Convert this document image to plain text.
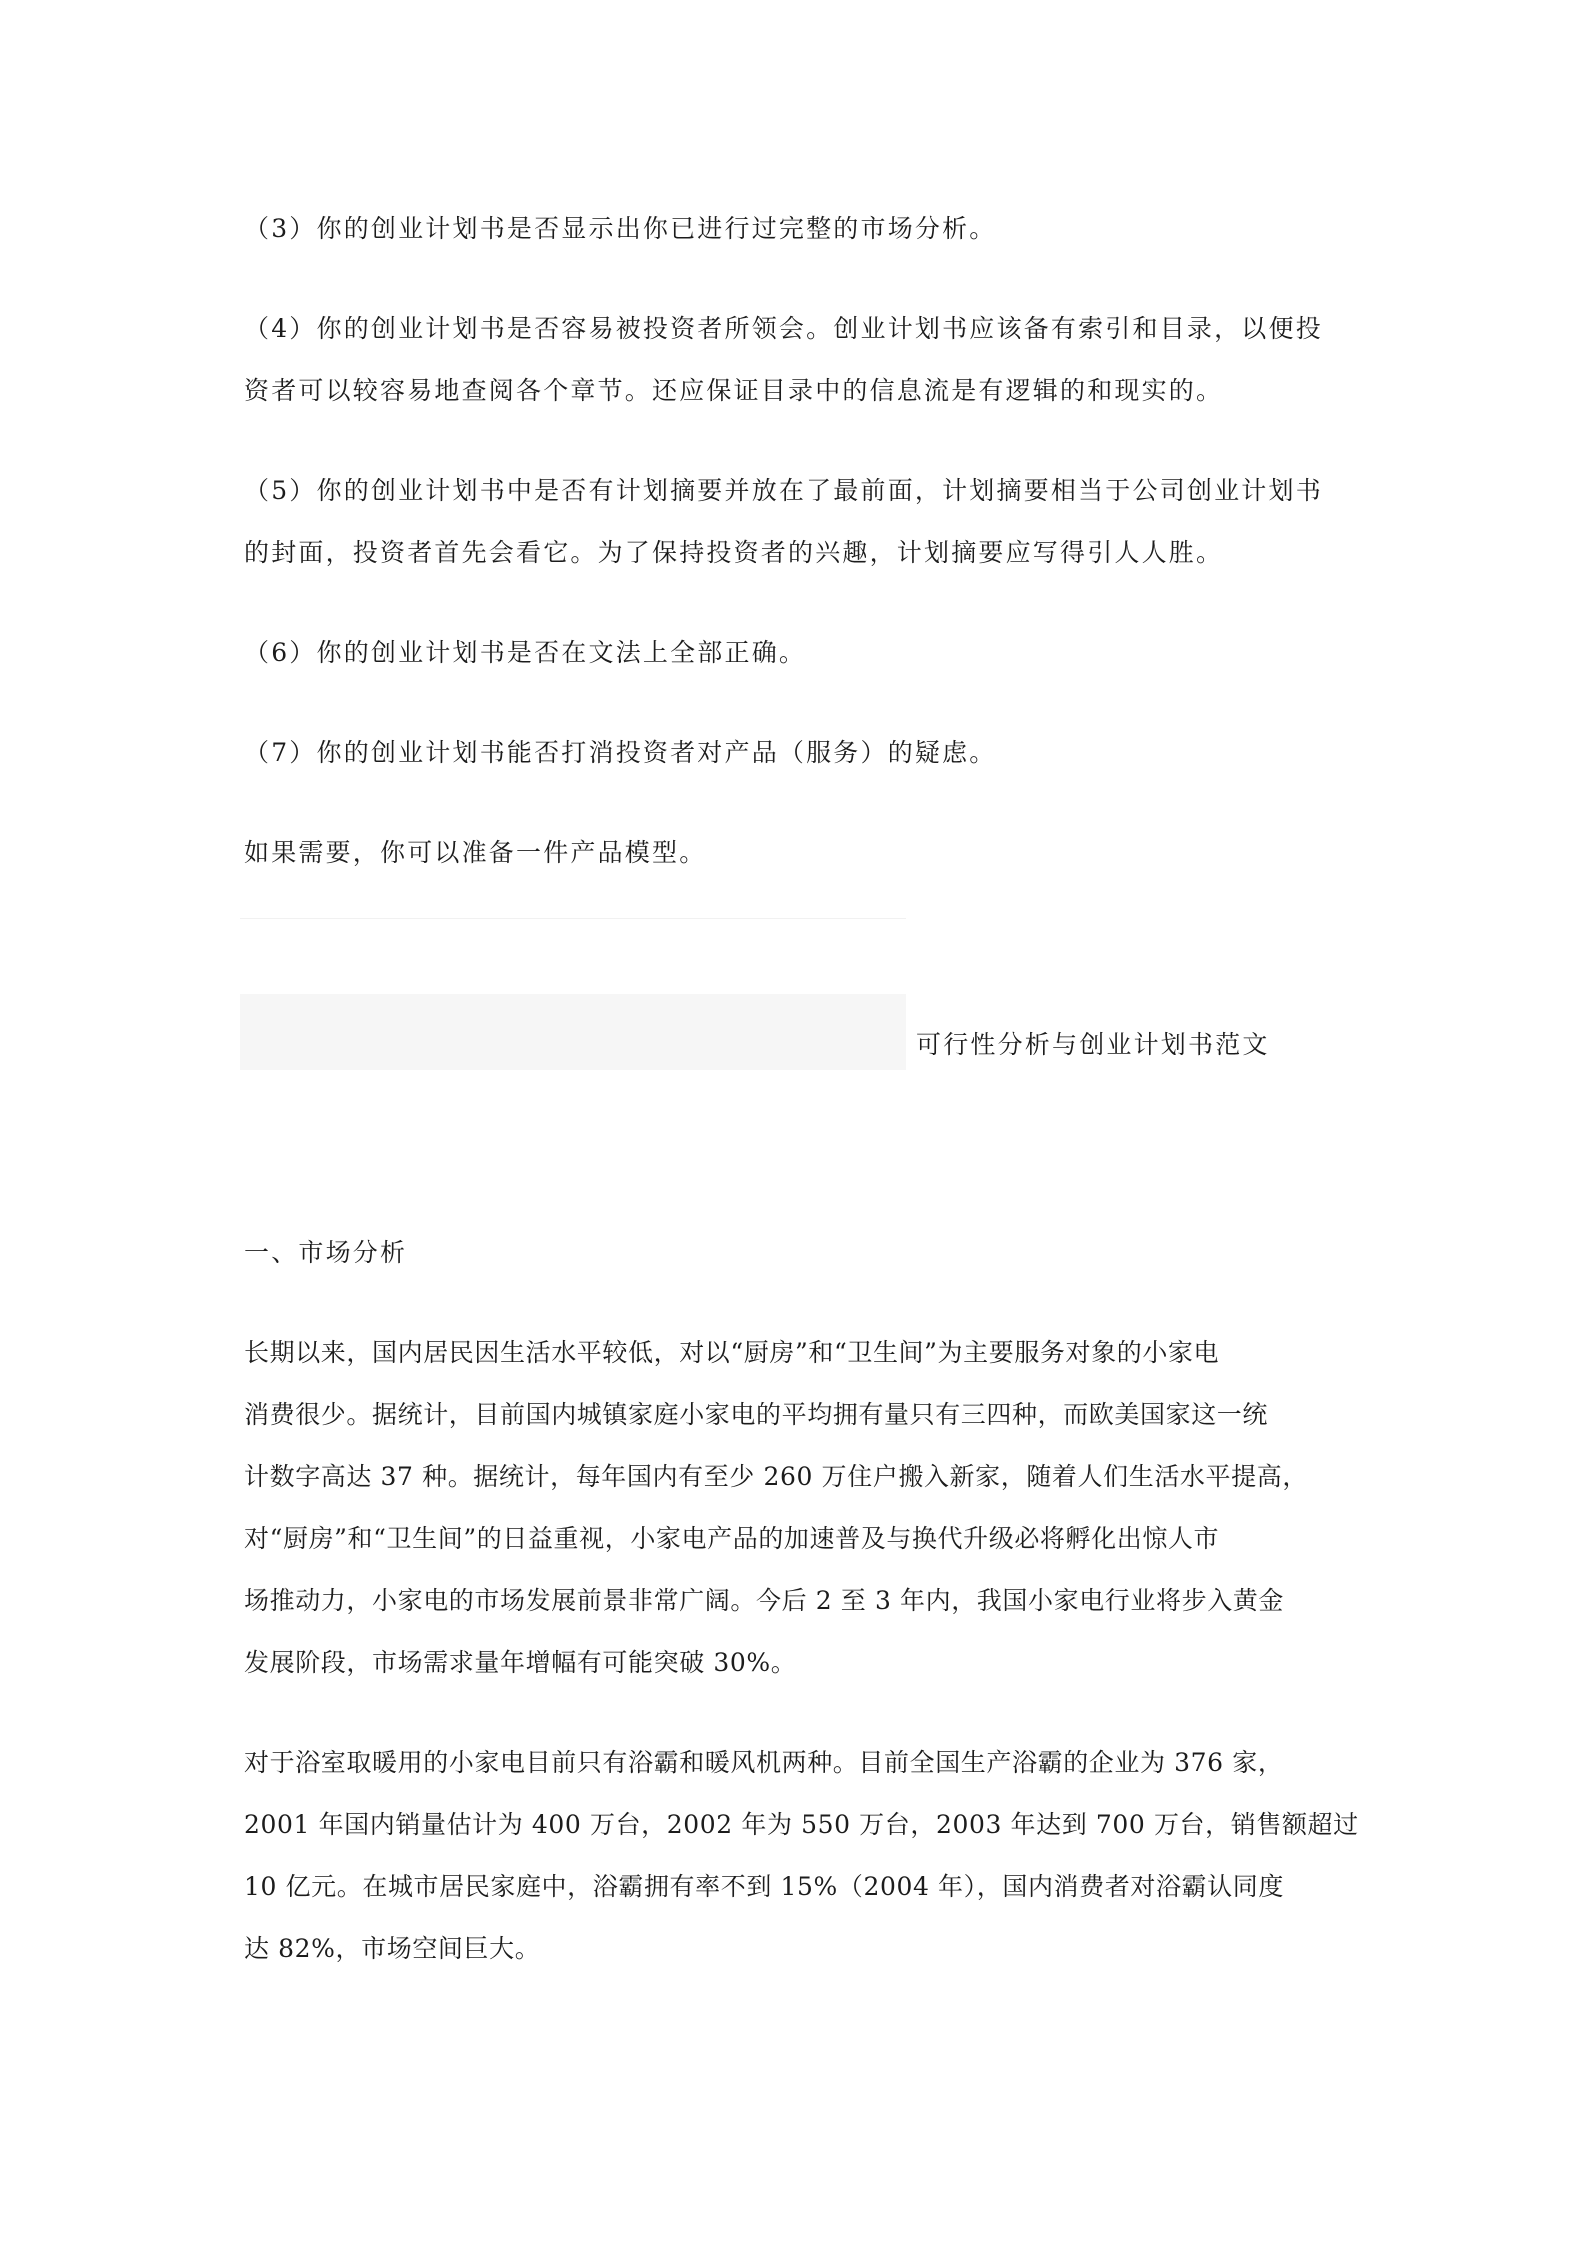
（3）你的创业计划书是否显示出你已进行过完整的市场分析。
（4）你的创业计划书是否容易被投资者所领会。创业计划书应该备有索引和目录，以便投
资者可以较容易地查阅各个章节。还应保证目录中的信息流是有逻辑的和现实的。
（5）你的创业计划书中是否有计划摘要并放在了最前面，计划摘要相当于公司创业计划书
的封面，投资者首先会看它。为了保持投资者的兴趣，计划摘要应写得引人人胜。
（6）你的创业计划书是否在文法上全部正确。
（7）你的创业计划书能否打消投资者对产品（服务）的疑虑。
如果需要，你可以准备一件产品模型。
可行性分析与创业计划书范文
一、市场分析
长期以来，国内居民因生活水平较低，对以“厨房”和“卫生间”为主要服务对象的小家电
消费很少。据统计，目前国内城镇家庭小家电的平均拥有量只有三四种，而欧美国家这一统
计数字高达 37 种。据统计，每年国内有至少 260 万住户搬入新家，随着人们生活水平提高，
对“厨房”和“卫生间”的日益重视，小家电产品的加速普及与换代升级必将孵化出惊人市
场推动力，小家电的市场发展前景非常广阔。今后 2 至 3 年内，我国小家电行业将步入黄金
发展阶段，市场需求量年增幅有可能突破 30%。
对于浴室取暖用的小家电目前只有浴霸和暖风机两种。目前全国生产浴霸的企业为 376 家，
2001 年国内销量估计为 400 万台，2002 年为 550 万台，2003 年达到 700 万台，销售额超过
10 亿元。在城市居民家庭中，浴霸拥有率不到 15%（2004 年），国内消费者对浴霸认同度
达 82%，市场空间巨大。
